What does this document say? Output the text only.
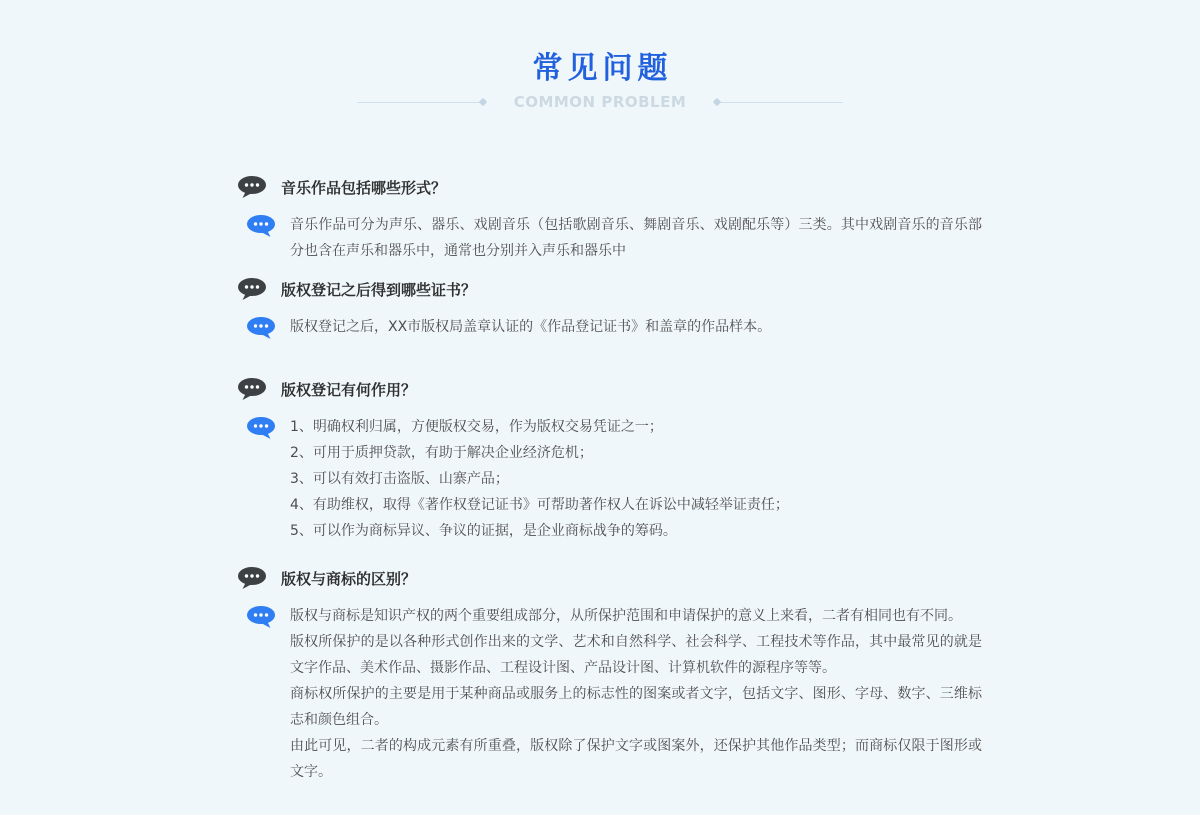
常见问题
COMMON PROBLEM
音乐作品包括哪些形式？

音乐作品可分为声乐、器乐、戏剧音乐（包括歌剧音乐、舞剧音乐、戏剧配乐等）三类。其中戏剧音乐的音乐部分也含在声乐和器乐中，通常也分别并入声乐和器乐中

版权登记之后得到哪些证书？

版权登记之后，XX市版权局盖章认证的《作品登记证书》和盖章的作品样本。

版权登记有何作用？

1、明确权利归属，方便版权交易，作为版权交易凭证之一；

2、可用于质押贷款，有助于解决企业经济危机；

3、可以有效打击盗版、山寨产品；

4、有助维权，取得《著作权登记证书》可帮助著作权人在诉讼中减轻举证责任；

5、可以作为商标异议、争议的证据，是企业商标战争的筹码。

版权与商标的区别？

版权与商标是知识产权的两个重要组成部分，从所保护范围和申请保护的意义上来看，二者有相同也有不同。

版权所保护的是以各种形式创作出来的文学、艺术和自然科学、社会科学、工程技术等作品，其中最常见的就是文字作品、美术作品、摄影作品、工程设计图、产品设计图、计算机软件的源程序等等。

商标权所保护的主要是用于某种商品或服务上的标志性的图案或者文字，包括文字、图形、字母、数字、三维标志和颜色组合。

由此可见，二者的构成元素有所重叠，版权除了保护文字或图案外，还保护其他作品类型；而商标仅限于图形或文字。
